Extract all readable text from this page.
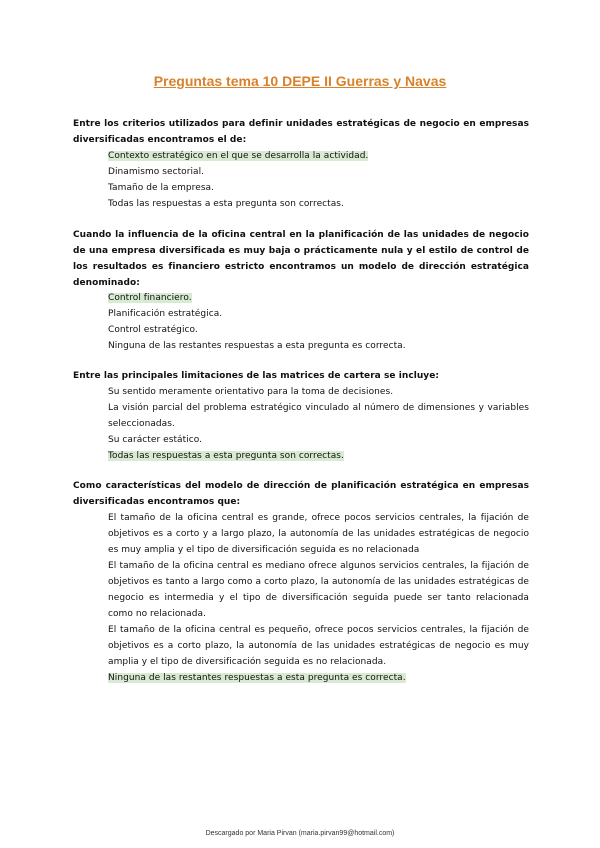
Preguntas tema 10 DEPE II Guerras y Navas
Entre los criterios utilizados para definir unidades estratégicas de negocio en empresas diversificadas encontramos el de:
Contexto estratégico en el que se desarrolla la actividad.
Dinamismo sectorial.
Tamaño de la empresa.
Todas las respuestas a esta pregunta son correctas.
Cuando la influencia de la oficina central en la planificación de las unidades de negocio de una empresa diversificada es muy baja o prácticamente nula y el estilo de control de los resultados es financiero estricto encontramos un modelo de dirección estratégica denominado:
Control financiero.
Planificación estratégica.
Control estratégico.
Ninguna de las restantes respuestas a esta pregunta es correcta.
Entre las principales limitaciones de las matrices de cartera se incluye:
Su sentido meramente orientativo para la toma de decisiones.
La visión parcial del problema estratégico vinculado al número de dimensiones y variables seleccionadas.
Su carácter estático.
Todas las respuestas a esta pregunta son correctas.
Como características del modelo de dirección de planificación estratégica en empresas diversificadas encontramos que:
El tamaño de la oficina central es grande, ofrece pocos servicios centrales, la fijación de objetivos es a corto y a largo plazo, la autonomía de las unidades estratégicas de negocio es muy amplia y el tipo de diversificación seguida es no relacionada
El tamaño de la oficina central es mediano ofrece algunos servicios centrales, la fijación de objetivos es tanto a largo como a corto plazo, la autonomía de las unidades estratégicas de negocio es intermedia y el tipo de diversificación seguida puede ser tanto relacionada como no relacionada.
El tamaño de la oficina central es pequeño, ofrece pocos servicios centrales, la fijación de objetivos es a corto plazo, la autonomía de las unidades estratégicas de negocio es muy amplia y el tipo de diversificación seguida es no relacionada.
Ninguna de las restantes respuestas a esta pregunta es correcta.
Descargado por Maria Pirvan (maria.pirvan99@hotmail.com)
